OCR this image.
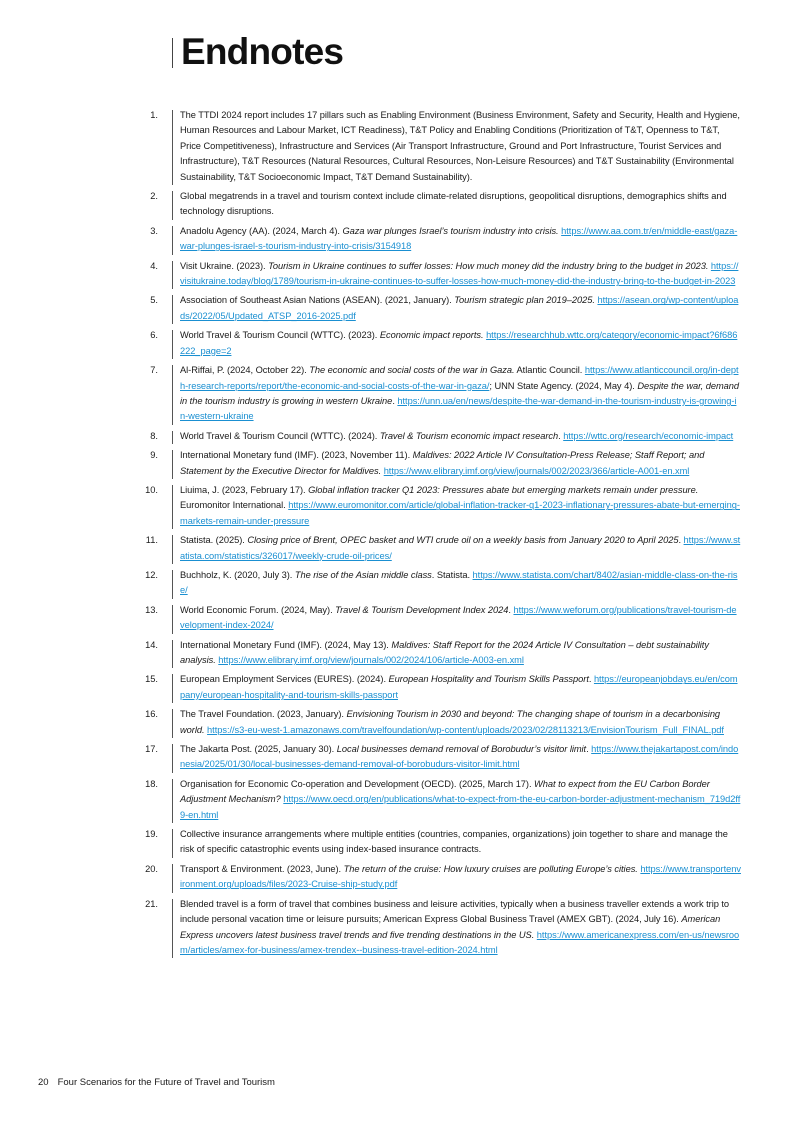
Endnotes
1. The TTDI 2024 report includes 17 pillars such as Enabling Environment (Business Environment, Safety and Security, Health and Hygiene, Human Resources and Labour Market, ICT Readiness), T&T Policy and Enabling Conditions (Prioritization of T&T, Openness to T&T, Price Competitiveness), Infrastructure and Services (Air Transport Infrastructure, Ground and Port Infrastructure, Tourist Services and Infrastructure), T&T Resources (Natural Resources, Cultural Resources, Non-Leisure Resources) and T&T Sustainability (Environmental Sustainability, T&T Socioeconomic Impact, T&T Demand Sustainability).
2. Global megatrends in a travel and tourism context include climate-related disruptions, geopolitical disruptions, demographics shifts and technology disruptions.
3. Anadolu Agency (AA). (2024, March 4). Gaza war plunges Israel’s tourism industry into crisis. https://www.aa.com.tr/en/middle-east/gaza-war-plunges-israel-s-tourism-industry-into-crisis/3154918
4. Visit Ukraine. (2023). Tourism in Ukraine continues to suffer losses: How much money did the industry bring to the budget in 2023. https://visitukraine.today/blog/1789/tourism-in-ukraine-continues-to-suffer-losses-how-much-money-did-the-industry-bring-to-the-budget-in-2023
5. Association of Southeast Asian Nations (ASEAN). (2021, January). Tourism strategic plan 2019–2025. https://asean.org/wp-content/uploads/2022/05/Updated_ATSP_2016-2025.pdf
6. World Travel & Tourism Council (WTTC). (2023). Economic impact reports. https://researchhub.wttc.org/category/economic-impact?6f686222_page=2
7. Al-Riffai, P. (2024, October 22). The economic and social costs of the war in Gaza. Atlantic Council. https://www.atlanticcouncil.org/in-depth-research-reports/report/the-economic-and-social-costs-of-the-war-in-gaza/; UNN State Agency. (2024, May 4). Despite the war, demand in the tourism industry is growing in western Ukraine. https://unn.ua/en/news/despite-the-war-demand-in-the-tourism-industry-is-growing-in-western-ukraine
8. World Travel & Tourism Council (WTTC). (2024). Travel & Tourism economic impact research. https://wttc.org/research/economic-impact
9. International Monetary fund (IMF). (2023, November 11). Maldives: 2022 Article IV Consultation-Press Release; Staff Report; and Statement by the Executive Director for Maldives. https://www.elibrary.imf.org/view/journals/002/2023/366/article-A001-en.xml
10. Liuima, J. (2023, February 17). Global inflation tracker Q1 2023: Pressures abate but emerging markets remain under pressure. Euromonitor International. https://www.euromonitor.com/article/global-inflation-tracker-q1-2023-inflationary-pressures-abate-but-emerging-markets-remain-under-pressure
11. Statista. (2025). Closing price of Brent, OPEC basket and WTI crude oil on a weekly basis from January 2020 to April 2025. https://www.statista.com/statistics/326017/weekly-crude-oil-prices/
12. Buchholz, K. (2020, July 3). The rise of the Asian middle class. Statista. https://www.statista.com/chart/8402/asian-middle-class-on-the-rise/
13. World Economic Forum. (2024, May). Travel & Tourism Development Index 2024. https://www.weforum.org/publications/travel-tourism-development-index-2024/
14. International Monetary Fund (IMF). (2024, May 13). Maldives: Staff Report for the 2024 Article IV Consultation – debt sustainability analysis. https://www.elibrary.imf.org/view/journals/002/2024/106/article-A003-en.xml
15. European Employment Services (EURES). (2024). European Hospitality and Tourism Skills Passport. https://europeanjobdays.eu/en/company/european-hospitality-and-tourism-skills-passport
16. The Travel Foundation. (2023, January). Envisioning Tourism in 2030 and beyond: The changing shape of tourism in a decarbonising world. https://s3-eu-west-1.amazonaws.com/travelfoundation/wp-content/uploads/2023/02/28113213/EnvisionTourism_Full_FINAL.pdf
17. The Jakarta Post. (2025, January 30). Local businesses demand removal of Borobudur’s visitor limit. https://www.thejakartapost.com/indonesia/2025/01/30/local-businesses-demand-removal-of-borobudurs-visitor-limit.html
18. Organisation for Economic Co-operation and Development (OECD). (2025, March 17). What to expect from the EU Carbon Border Adjustment Mechanism? https://www.oecd.org/en/publications/what-to-expect-from-the-eu-carbon-border-adjustment-mechanism_719d2ff9-en.html
19. Collective insurance arrangements where multiple entities (countries, companies, organizations) join together to share and manage the risk of specific catastrophic events using index-based insurance contracts.
20. Transport & Environment. (2023, June). The return of the cruise: How luxury cruises are polluting Europe’s cities. https://www.transportenvironment.org/uploads/files/2023-Cruise-ship-study.pdf
21. Blended travel is a form of travel that combines business and leisure activities, typically when a business traveller extends a work trip to include personal vacation time or leisure pursuits; American Express Global Business Travel (AMEX GBT). (2024, July 16). American Express uncovers latest business travel trends and five trending destinations in the US. https://www.americanexpress.com/en-us/newsroom/articles/amex-for-business/amex-trendex--business-travel-edition-2024.html
20 Four Scenarios for the Future of Travel and Tourism
